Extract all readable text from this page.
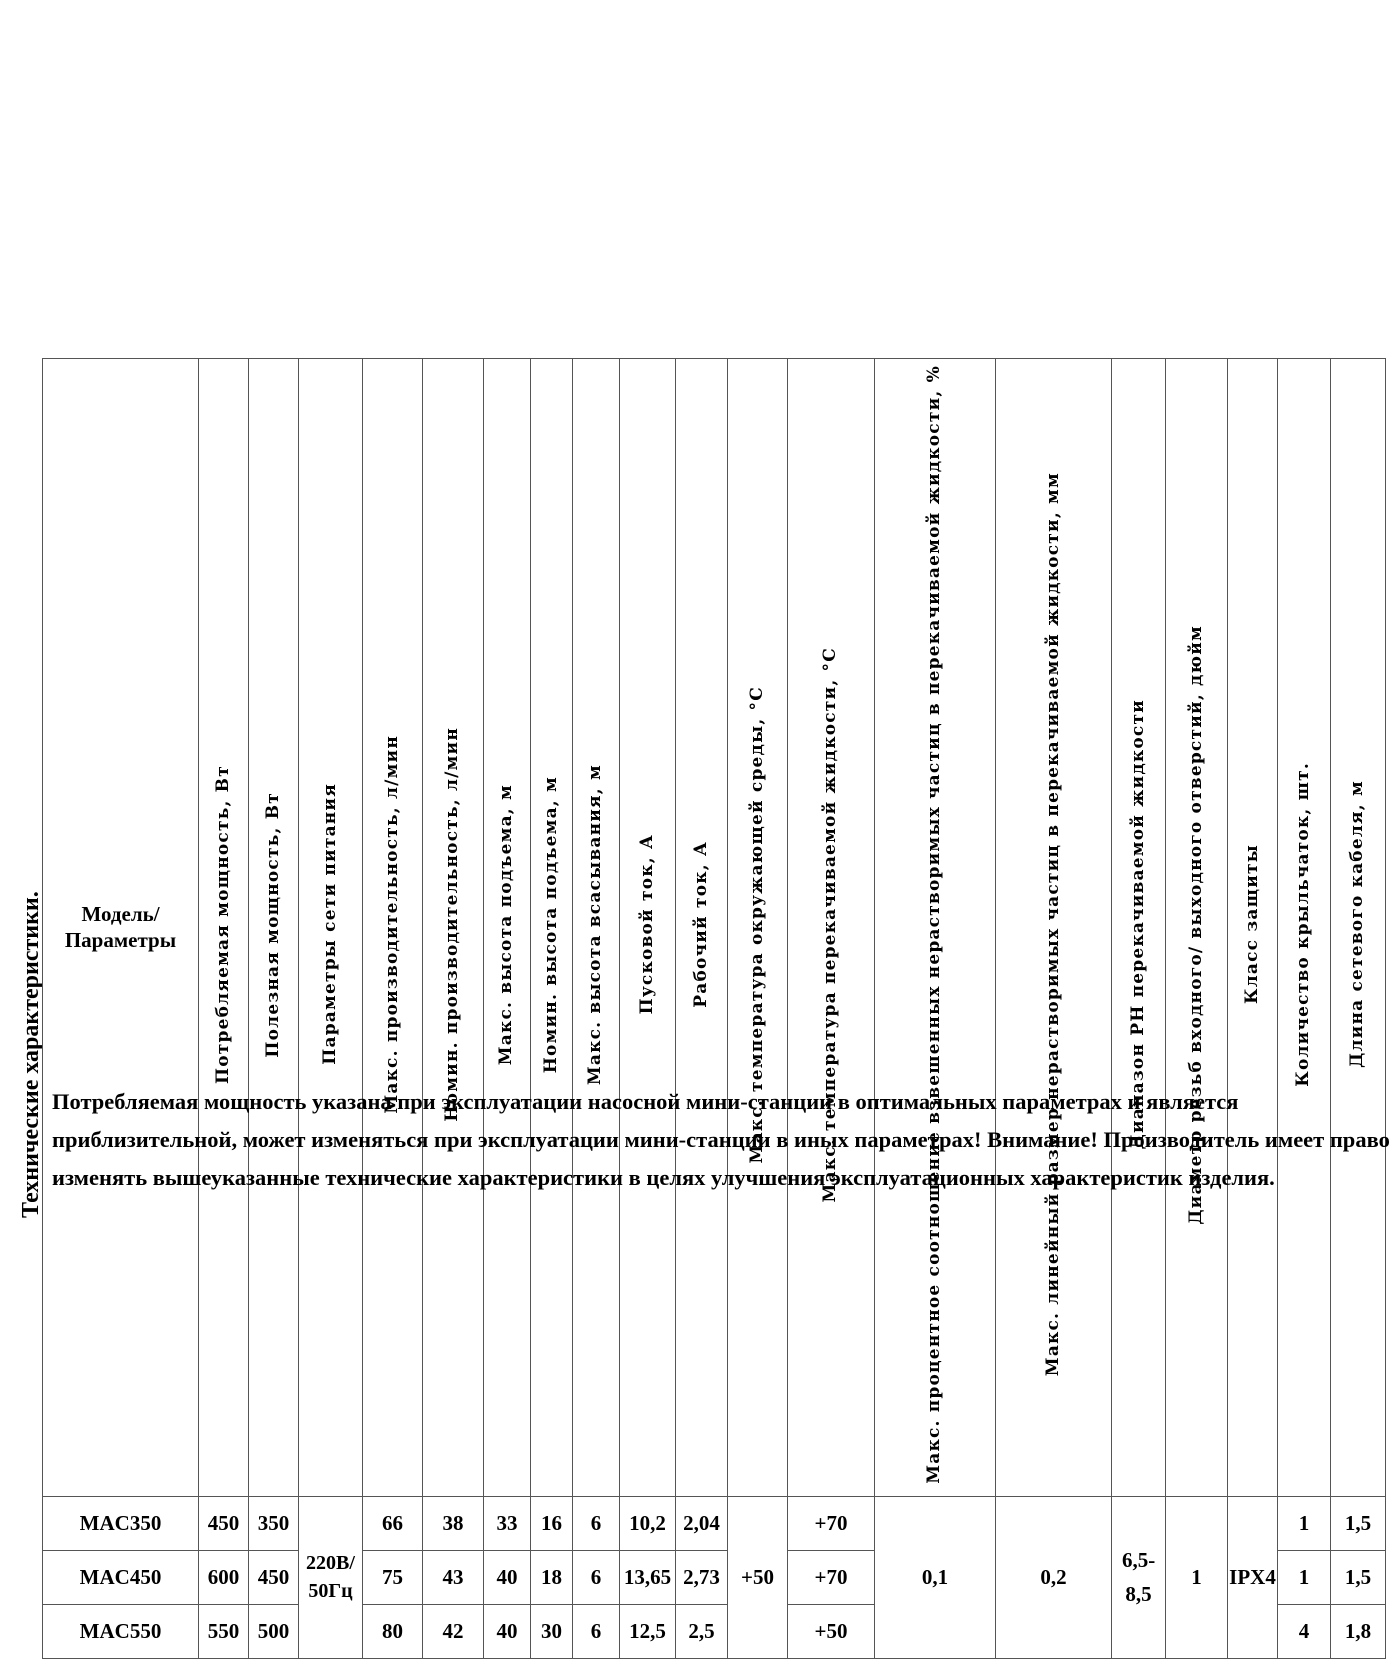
Технические характеристики.	Модель/
Параметры	Потребляемая мощность, Вт	Полезная мощность, Вт	Параметры сети питания	Макс. производительность, л/мин	Номин. производительность, л/мин	Макс. высота подъема, м	Номин. высота подъема, м	Макс. высота всасывания, м	Пусковой ток, А	Рабочий ток, А	Макс. температура окружающей среды, °С	Макс. температура перекачиваемой жидкости, °С	Макс. процентное соотношение взвешенных нерастворимых частиц в перекачиваемой жидкости, %	Макс. линейный размер нерастворимых частиц в перекачиваемой жидкости, мм	Диапазон PH перекачиваемой жидкости	Диаметр резьб входного/ выходного отверстий, дюйм	Класс защиты	Количество крыльчаток, шт.	Длина сетевого кабеля, м
MAC350	450	350	220В/ 50Гц	66	38	33	16	6	10,2	2,04	+50	+70	0,1	0,2	6,5- 8,5	1	IPX4	1	1,5
MAC450	600	450		75	43	40	18	6	13,65	2,73		+70						1	1,5
MAC550	550	500		80	42	40	30	6	12,5	2,5		+50						4	1,8
Потребляемая мощность указана при эксплуатации насосной мини-станции в оптимальных параметрах и является приблизительной, может изменяться при эксплуатации мини-станции в иных параметрах! Внимание! Производитель имеет право изменять вышеуказанные технические характеристики в целях улучшения эксплуатационных характеристик изделия.
